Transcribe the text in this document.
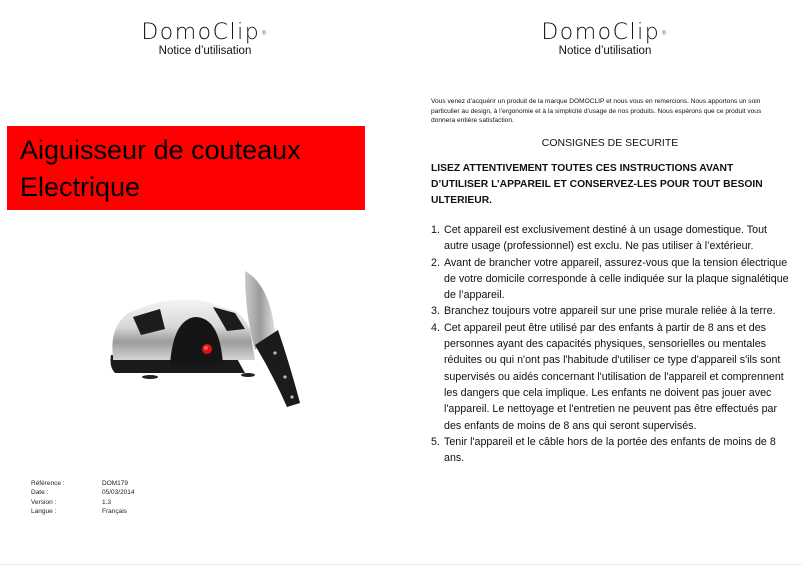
DomoClip®
Notice d’utilisation
Aiguisseur de couteaux
Electrique
Référence :	DOM179
Date :	05/03/2014
Version :	1.3
Langue :	Français
DomoClip®
Notice d’utilisation
Vous venez d’acquérir un produit de la marque DOMOCLIP et nous vous en remercions. Nous apportons un soin particulier au design, à l’ergonomie et à la simplicité d’usage de nos produits. Nous espérons que ce produit vous donnera entière satisfaction.
CONSIGNES DE SECURITE
LISEZ ATTENTIVEMENT TOUTES CES INSTRUCTIONS AVANT D’UTILISER L’APPAREIL ET CONSERVEZ-LES POUR TOUT BESOIN ULTERIEUR.
1. Cet appareil est exclusivement destiné à un usage domestique. Tout autre usage (professionnel) est exclu. Ne pas utiliser à l’extérieur.
2. Avant de brancher votre appareil, assurez-vous que la tension électrique de votre domicile corresponde à celle indiquée sur la plaque signalétique de l’appareil.
3. Branchez toujours votre appareil sur une prise murale reliée à la terre.
4. Cet appareil peut être utilisé par des enfants à partir de 8 ans et des personnes ayant des capacités physiques, sensorielles ou mentales réduites ou qui n'ont pas l'habitude d'utiliser ce type d'appareil s'ils sont supervisés ou aidés concernant l'utilisation de l'appareil et comprennent les dangers que cela implique. Les enfants ne doivent pas jouer avec l'appareil. Le nettoyage et l'entretien ne peuvent pas être effectués par des enfants de moins de 8 ans qui seront supervisés.
5. Tenir l'appareil et le câble hors de la portée des enfants de moins de 8 ans.
